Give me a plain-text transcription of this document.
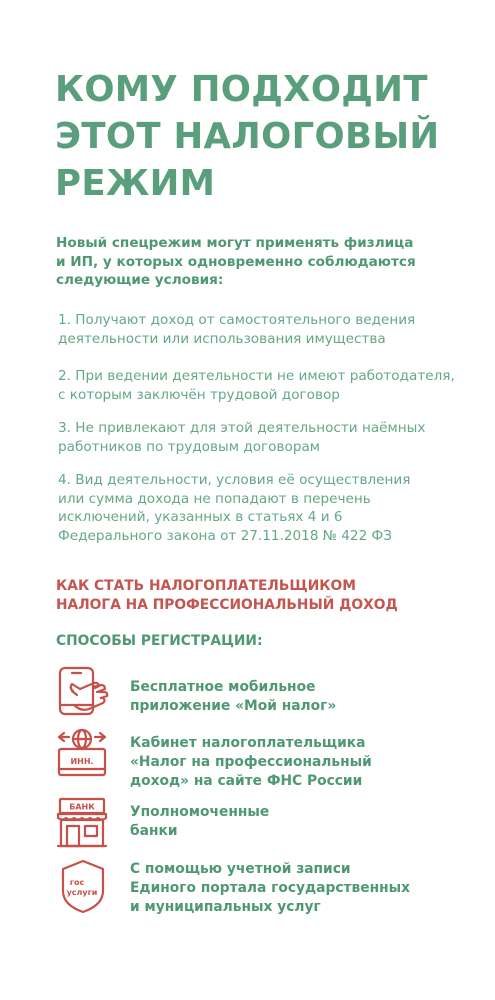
КОМУ ПОДХОДИТ
ЭТОТ НАЛОГОВЫЙ
РЕЖИМ
Новый спецрежим могут применять физлица
и ИП, у которых одновременно соблюдаются
следующие условия:
1. Получают доход от самостоятельного ведения
деятельности или использования имущества
2. При ведении деятельности не имеют работодателя,
с которым заключён трудовой договор
3. Не привлекают для этой деятельности наёмных
работников по трудовым договорам
4. Вид деятельности, условия её осуществления
или сумма дохода не попадают в перечень
исключений, указанных в статьях 4 и 6
Федерального закона от 27.11.2018 № 422 ФЗ
КАК СТАТЬ НАЛОГОПЛАТЕЛЬЩИКОМ
НАЛОГА НА ПРОФЕССИОНАЛЬНЫЙ ДОХОД
СПОСОБЫ РЕГИСТРАЦИИ:
Бесплатное мобильное
приложение «Мой налог»
ИНН.
Кабинет налогоплательщика
«Налог на профессиональный
доход» на сайте ФНС России
БАНК	Уполномоченные
банки
гос
услуги
С помощью учетной записи
Единого портала государственных
и муниципальных услуг
